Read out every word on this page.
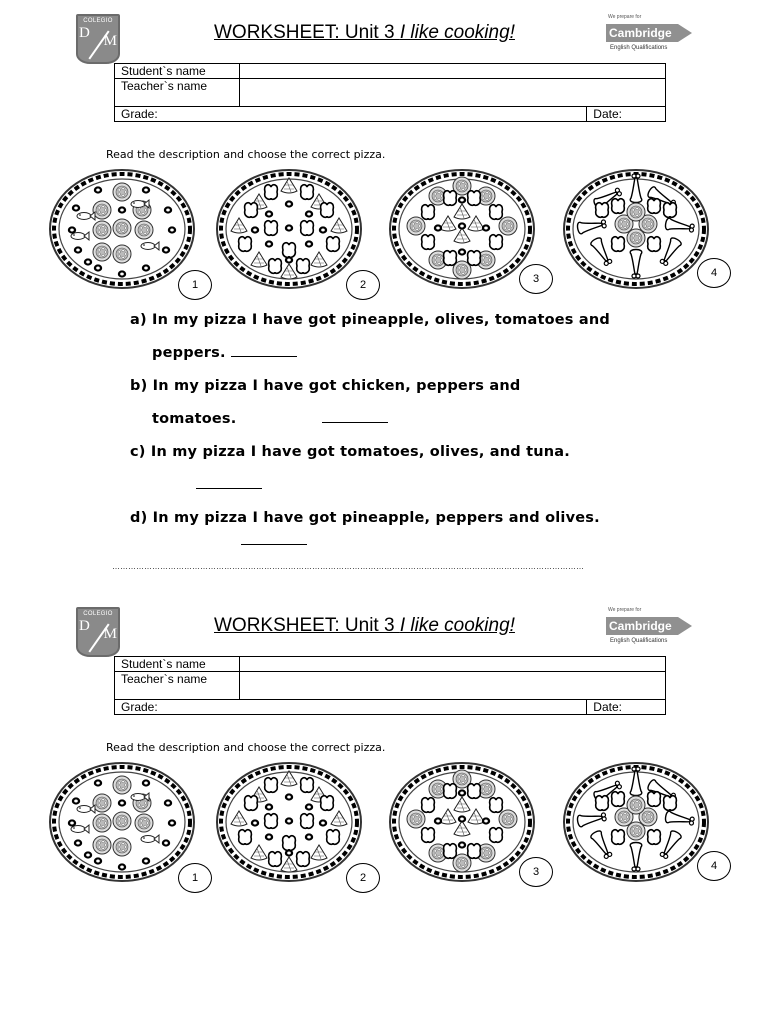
COLEGIO
D M	WORKSHEET: Unit 3 I like cooking!
We prepare for
Cambridge
English Qualifications
Student`s name		
Teacher`s name		
Grade:		Date:
Read the description and choose the correct pizza.
1	2	3	4
a) In my pizza I have got pineapple, olives, tomatoes and
peppers.
b) In my pizza I have got chicken, peppers and
tomatoes.
c) In my pizza I have got tomatoes, olives, and tuna.
d) In my pizza I have got pineapple, peppers and olives.
……………………………………………………………………………………………………………………………………………………………
COLEGIO
D M	WORKSHEET: Unit 3 I like cooking!
We prepare for
Cambridge
English Qualifications
Student`s name		
Teacher`s name		
Grade:		Date:
Read the description and choose the correct pizza.
1	2	3	4
